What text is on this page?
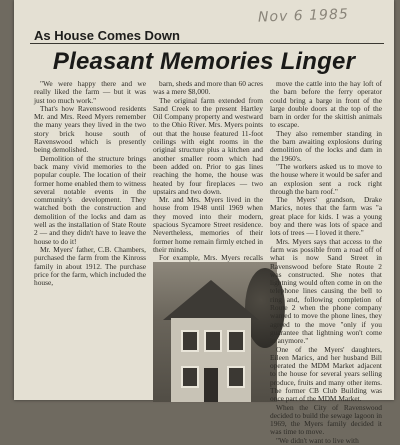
Nov 6 1985
As House Comes Down
Pleasant Memories Linger

"We were happy there and we really liked the farm — but it was just too much work."

That's how Ravenswood residents Mr. and Mrs. Reed Myers remember the many years they lived in the two story brick house south of Ravenswood which is presently being demolished.

Demolition of the structure brings back many vivid memories to the popular couple. The location of their former home enabled them to witness several notable events in the community's development. They watched both the construction and demolition of the locks and dam as well as the installation of State Route 2 — and they didn't have to leave the house to do it!

Mr. Myers' father, C.B. Chambers, purchased the farm from the Kinross family in about 1912. The purchase price for the farm, which included the house,

barn, sheds and more than 60 acres was a mere $8,000.

The original farm extended from Sand Creek to the present Hartley Oil Company property and westward to the Ohio River. Mrs. Myers points out that the house featured 11-foot ceilings with eight rooms in the original structure plus a kitchen and another smaller room which had been added on. Prior to gas lines reaching the home, the house was heated by four fireplaces — two upstairs and two down.

Mr. and Mrs. Myers lived in the house from 1948 until 1969 when they moved into their modern, spacious Sycamore Street residence. Nevertheless, memories of their former home remain firmly etched in their minds.

For example, Mrs. Myers recalls

move the cattle into the hay loft of the barn before the ferry operator could bring a barge in front of the large double doors at the top of the barn in order for the skittish animals to escape.

They also remember standing in the barn awaiting explosions during demolition of the locks and dam in the 1960's.

"The workers asked us to move to the house where it would be safer and an explosion sent a rock right through the barn roof."

The Myers' grandson, Drake Marics, notes that the farm was "a great place for kids. I was a young boy and there was lots of space and lots of trees — I loved it there."

Mrs. Myers says that access to the farm was possible from a road off of what is now Sand Street in Ravenswood before State Route 2 was constructed. She notes that lightning would often come in on the telephone lines causing the bell to ring and, following completion of Route 2 when the phone company wanted to move the phone lines, they agreed to the move "only if you guarantee that lightning won't come in anymore."

One of the Myers' daughters, Eileen Marics, and her husband Bill operated the MDM Market adjacent to the house for several years selling produce, fruits and many other items. The former CB Club Building was once part of the MDM Market.

When the City of Ravenswood decided to build the sewage lagoon in 1969, the Myers family decided it was time to move.

"We didn't want to live with
